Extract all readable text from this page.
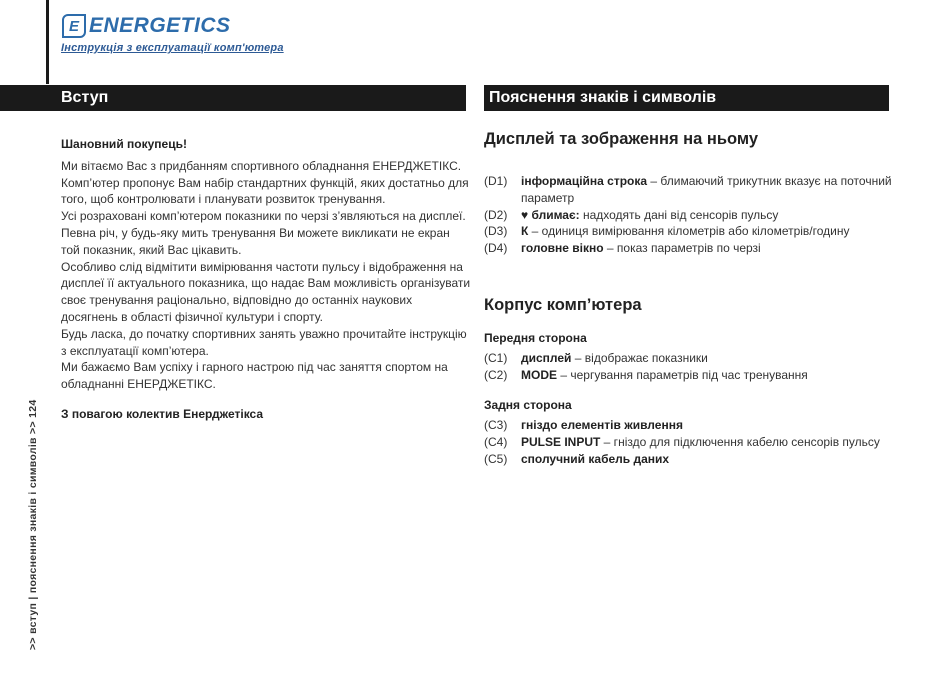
E ENERGETICS
Інструкція з експлуатації комп'ютера
Вступ	Пояснення знаків і символів

Шановний покупець!

Ми вітаємо Вас з придбанням спортивного обладнання ЕНЕРДЖЕТІКС.

Комп’ютер пропонує Вам набір стандартних функцій, яких достатньо для того, щоб контролювати і планувати розвиток тренування.

Усі розраховані комп’ютером показники по черзі з’являються на дисплеї.

Певна річ, у будь-яку мить тренування Ви можете викликати не екран той показник, який Вас цікавить.

Особливо слід відмітити вимірювання частоти пульсу і відображення на дисплеї її актуального показника, що надає Вам можливість організувати своє тренування раціонально, відповідно до останніх наукових досягнень в області фізичної культури і спорту.

Будь ласка, до початку спортивних занять уважно прочитайте інструкцію з експлуатації комп’ютера.

Ми бажаємо Вам успіху і гарного настрою під час заняття спортом на обладнанні ЕНЕРДЖЕТІКС.

З повагою колектив Енерджетікса

Дисплей та зображення на ньому

(D1)	інформаційна строка – блимаючий трикутник вказує на поточний параметр
(D2)	♥ блимає: надходять дані від сенсорів пульсу
(D3)	К – одиниця вимірювання кілометрів або кілометрів/годину
(D4)	головне вікно – показ параметрів по черзі

Корпус комп’ютера

Передня сторона

(C1)	дисплей – відображає показники
(C2)	MODE – чергування параметрів під час тренування

Задня сторона

(C3)	гніздо елементів живлення
(C4)	PULSE INPUT – гніздо для підключення кабелю сенсорів пульсу
(C5)	сполучний кабель даних
>> вступ | пояснення знаків і символів >> 124
